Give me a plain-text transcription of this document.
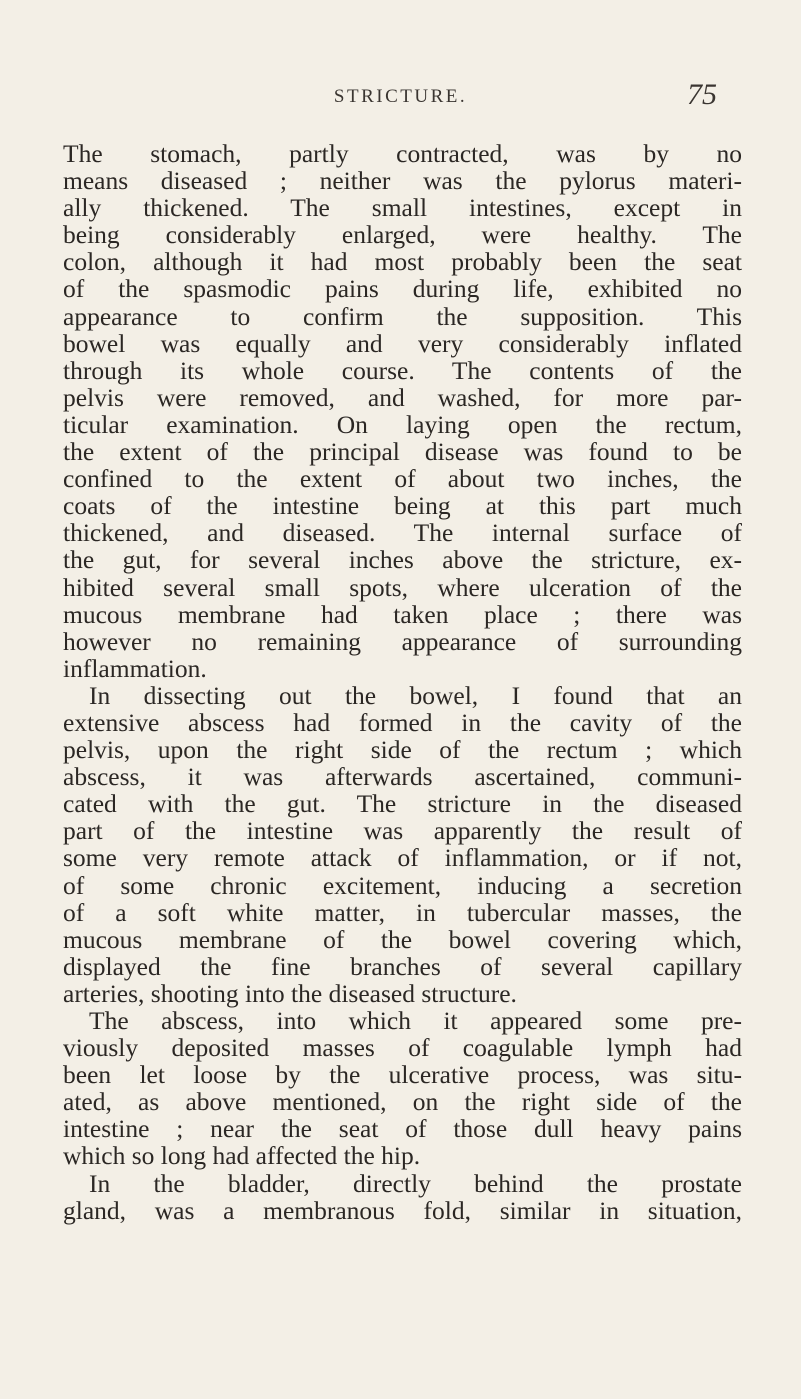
STRICTURE.	75
The stomach, partly contracted, was by no
means diseased ; neither was the pylorus materi-
ally thickened. The small intestines, except in
being considerably enlarged, were healthy. The
colon, although it had most probably been the seat
of the spasmodic pains during life, exhibited no
appearance to confirm the supposition. This
bowel was equally and very considerably inflated
through its whole course. The contents of the
pelvis were removed, and washed, for more par-
ticular examination. On laying open the rectum,
the extent of the principal disease was found to be
confined to the extent of about two inches, the
coats of the intestine being at this part much
thickened, and diseased. The internal surface of
the gut, for several inches above the stricture, ex-
hibited several small spots, where ulceration of the
mucous membrane had taken place ; there was
however no remaining appearance of surrounding
inflammation.
In dissecting out the bowel, I found that an
extensive abscess had formed in the cavity of the
pelvis, upon the right side of the rectum ; which
abscess, it was afterwards ascertained, communi-
cated with the gut. The stricture in the diseased
part of the intestine was apparently the result of
some very remote attack of inflammation, or if not,
of some chronic excitement, inducing a secretion
of a soft white matter, in tubercular masses, the
mucous membrane of the bowel covering which,
displayed the fine branches of several capillary
arteries, shooting into the diseased structure.
The abscess, into which it appeared some pre-
viously deposited masses of coagulable lymph had
been let loose by the ulcerative process, was situ-
ated, as above mentioned, on the right side of the
intestine ; near the seat of those dull heavy pains
which so long had affected the hip.
In the bladder, directly behind the prostate
gland, was a membranous fold, similar in situation,
